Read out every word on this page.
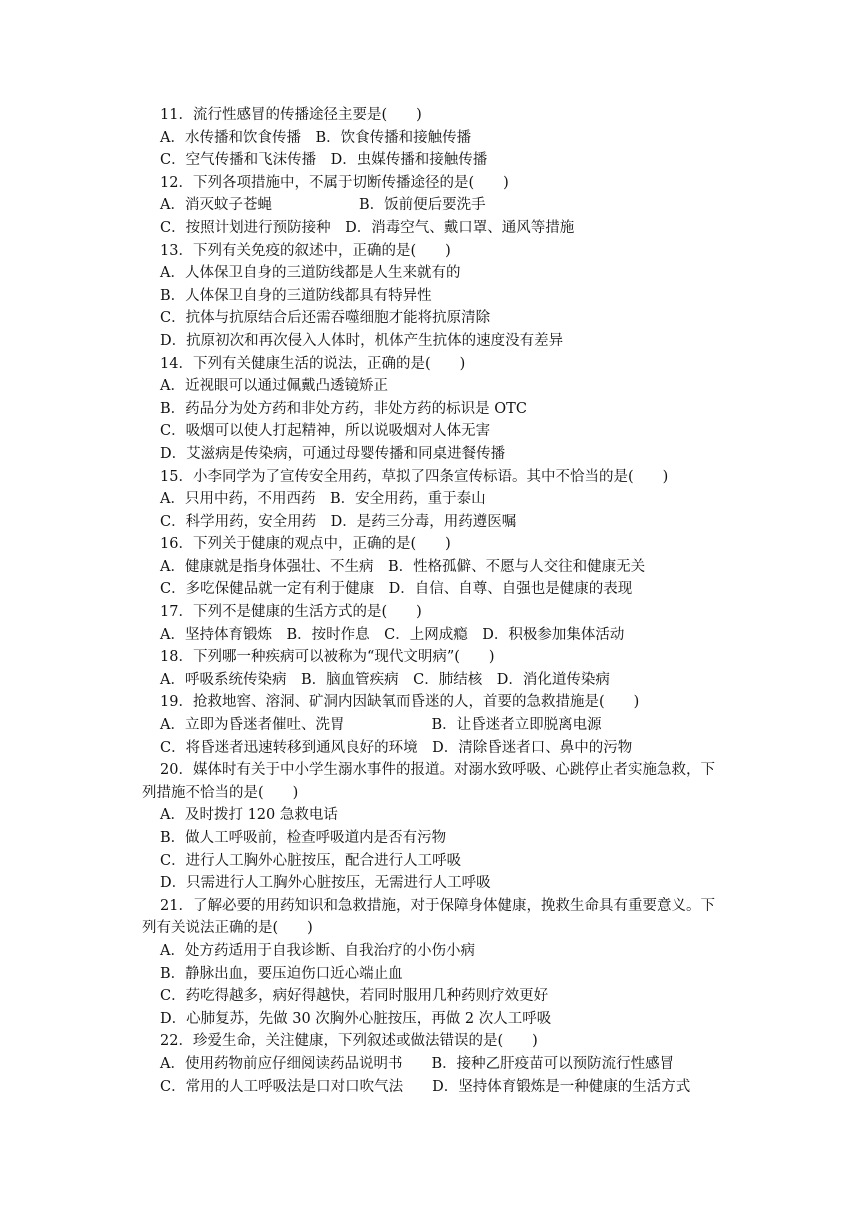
11．流行性感冒的传播途径主要是(　　)
A．水传播和饮食传播　B．饮食传播和接触传播
C．空气传播和飞沫传播　D．虫媒传播和接触传播
12．下列各项措施中，不属于切断传播途径的是(　　)
A．消灭蚊子苍蝇　　　　　　B．饭前便后要洗手
C．按照计划进行预防接种　D．消毒空气、戴口罩、通风等措施
13．下列有关免疫的叙述中，正确的是(　　)
A．人体保卫自身的三道防线都是人生来就有的
B．人体保卫自身的三道防线都具有特异性
C．抗体与抗原结合后还需吞噬细胞才能将抗原清除
D．抗原初次和再次侵入人体时，机体产生抗体的速度没有差异
14．下列有关健康生活的说法，正确的是(　　)
A．近视眼可以通过佩戴凸透镜矫正
B．药品分为处方药和非处方药，非处方药的标识是 OTC
C．吸烟可以使人打起精神，所以说吸烟对人体无害
D．艾滋病是传染病，可通过母婴传播和同桌进餐传播
15．小李同学为了宣传安全用药，草拟了四条宣传标语。其中不恰当的是(　　)
A．只用中药，不用西药　B．安全用药，重于泰山
C．科学用药，安全用药　D．是药三分毒，用药遵医嘱
16．下列关于健康的观点中，正确的是(　　)
A．健康就是指身体强壮、不生病　B．性格孤僻、不愿与人交往和健康无关
C．多吃保健品就一定有利于健康　D．自信、自尊、自强也是健康的表现
17．下列不是健康的生活方式的是(　　)
A．坚持体育锻炼　B．按时作息　C．上网成瘾　D．积极参加集体活动
18．下列哪一种疾病可以被称为“现代文明病”(　　)
A．呼吸系统传染病　B．脑血管疾病　C．肺结核　D．消化道传染病
19．抢救地窖、溶洞、矿洞内因缺氧而昏迷的人，首要的急救措施是(　　)
A．立即为昏迷者催吐、洗胃　　　　　　B．让昏迷者立即脱离电源
C．将昏迷者迅速转移到通风良好的环境　D．清除昏迷者口、鼻中的污物
20．媒体时有关于中小学生溺水事件的报道。对溺水致呼吸、心跳停止者实施急救，下
列措施不恰当的是(　　)
A．及时拨打 120 急救电话
B．做人工呼吸前，检查呼吸道内是否有污物
C．进行人工胸外心脏按压，配合进行人工呼吸
D．只需进行人工胸外心脏按压，无需进行人工呼吸
21．了解必要的用药知识和急救措施，对于保障身体健康，挽救生命具有重要意义。下
列有关说法正确的是(　　)
A．处方药适用于自我诊断、自我治疗的小伤小病
B．静脉出血，要压迫伤口近心端止血
C．药吃得越多，病好得越快，若同时服用几种药则疗效更好
D．心肺复苏，先做 30 次胸外心脏按压，再做 2 次人工呼吸
22．珍爱生命，关注健康，下列叙述或做法错误的是(　　)
A．使用药物前应仔细阅读药品说明书　　B．接种乙肝疫苗可以预防流行性感冒
C．常用的人工呼吸法是口对口吹气法　　D．坚持体育锻炼是一种健康的生活方式
